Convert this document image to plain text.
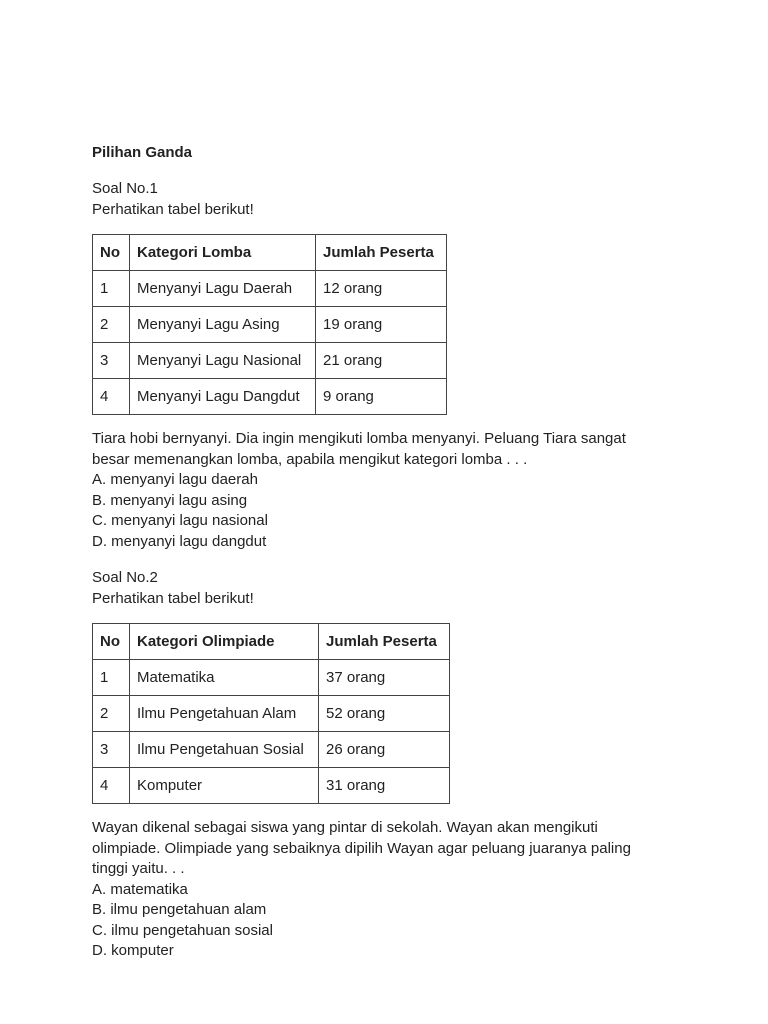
Pilihan Ganda

Soal No.1

Perhatikan tabel berikut!

No	Kategori Lomba	Jumlah Peserta
1	Menyanyi Lagu Daerah	12 orang
2	Menyanyi Lagu Asing	19 orang
3	Menyanyi Lagu Nasional	21 orang
4	Menyanyi Lagu Dangdut	9 orang

Tiara hobi bernyanyi. Dia ingin mengikuti lomba menyanyi. Peluang Tiara sangat

besar memenangkan lomba, apabila mengikut kategori lomba . . .

A. menyanyi lagu daerah

B. menyanyi lagu asing

C. menyanyi lagu nasional

D. menyanyi lagu dangdut

Soal No.2

Perhatikan tabel berikut!

No	Kategori Olimpiade	Jumlah Peserta
1	Matematika	37 orang
2	Ilmu Pengetahuan Alam	52 orang
3	Ilmu Pengetahuan Sosial	26 orang
4	Komputer	31 orang

Wayan dikenal sebagai siswa yang pintar di sekolah. Wayan akan mengikuti

olimpiade. Olimpiade yang sebaiknya dipilih Wayan agar peluang juaranya paling

tinggi yaitu. . .

A. matematika

B. ilmu pengetahuan alam

C. ilmu pengetahuan sosial

D. komputer
